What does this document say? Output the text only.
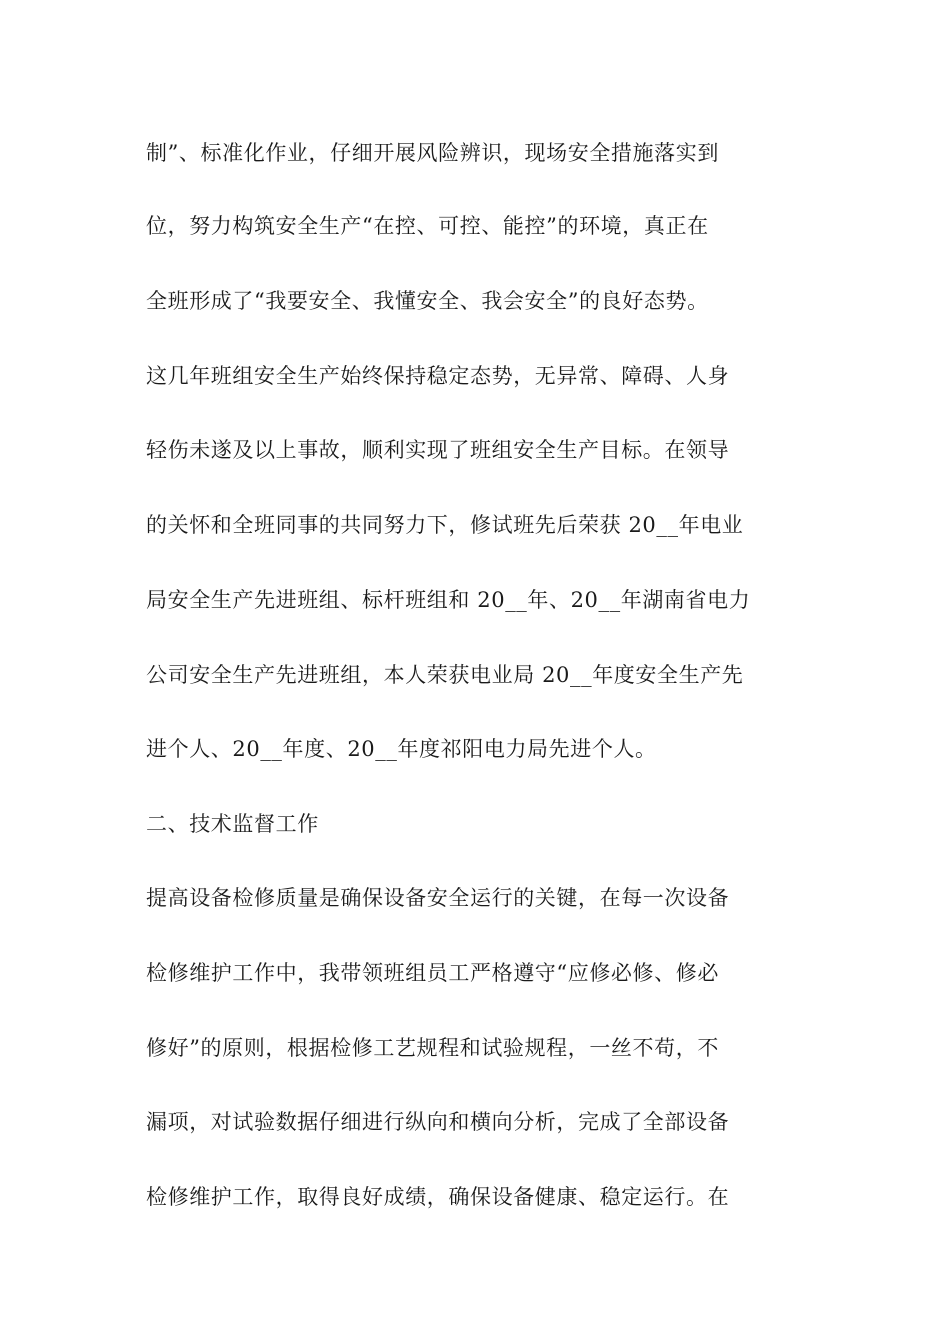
制”、标准化作业，仔细开展风险辨识，现场安全措施落实到
位，努力构筑安全生产“在控、可控、能控”的环境，真正在
全班形成了“我要安全、我懂安全、我会安全”的良好态势。
这几年班组安全生产始终保持稳定态势，无异常、障碍、人身
轻伤未遂及以上事故，顺利实现了班组安全生产目标。在领导
的关怀和全班同事的共同努力下，修试班先后荣获 20__年电业
局安全生产先进班组、标杆班组和 20__年、20__年湖南省电力
公司安全生产先进班组，本人荣获电业局 20__年度安全生产先
进个人、20__年度、20__年度祁阳电力局先进个人。
二、技术监督工作
提高设备检修质量是确保设备安全运行的关键，在每一次设备
检修维护工作中，我带领班组员工严格遵守“应修必修、修必
修好”的原则，根据检修工艺规程和试验规程，一丝不苟，不
漏项，对试验数据仔细进行纵向和横向分析，完成了全部设备
检修维护工作，取得良好成绩，确保设备健康、稳定运行。在
